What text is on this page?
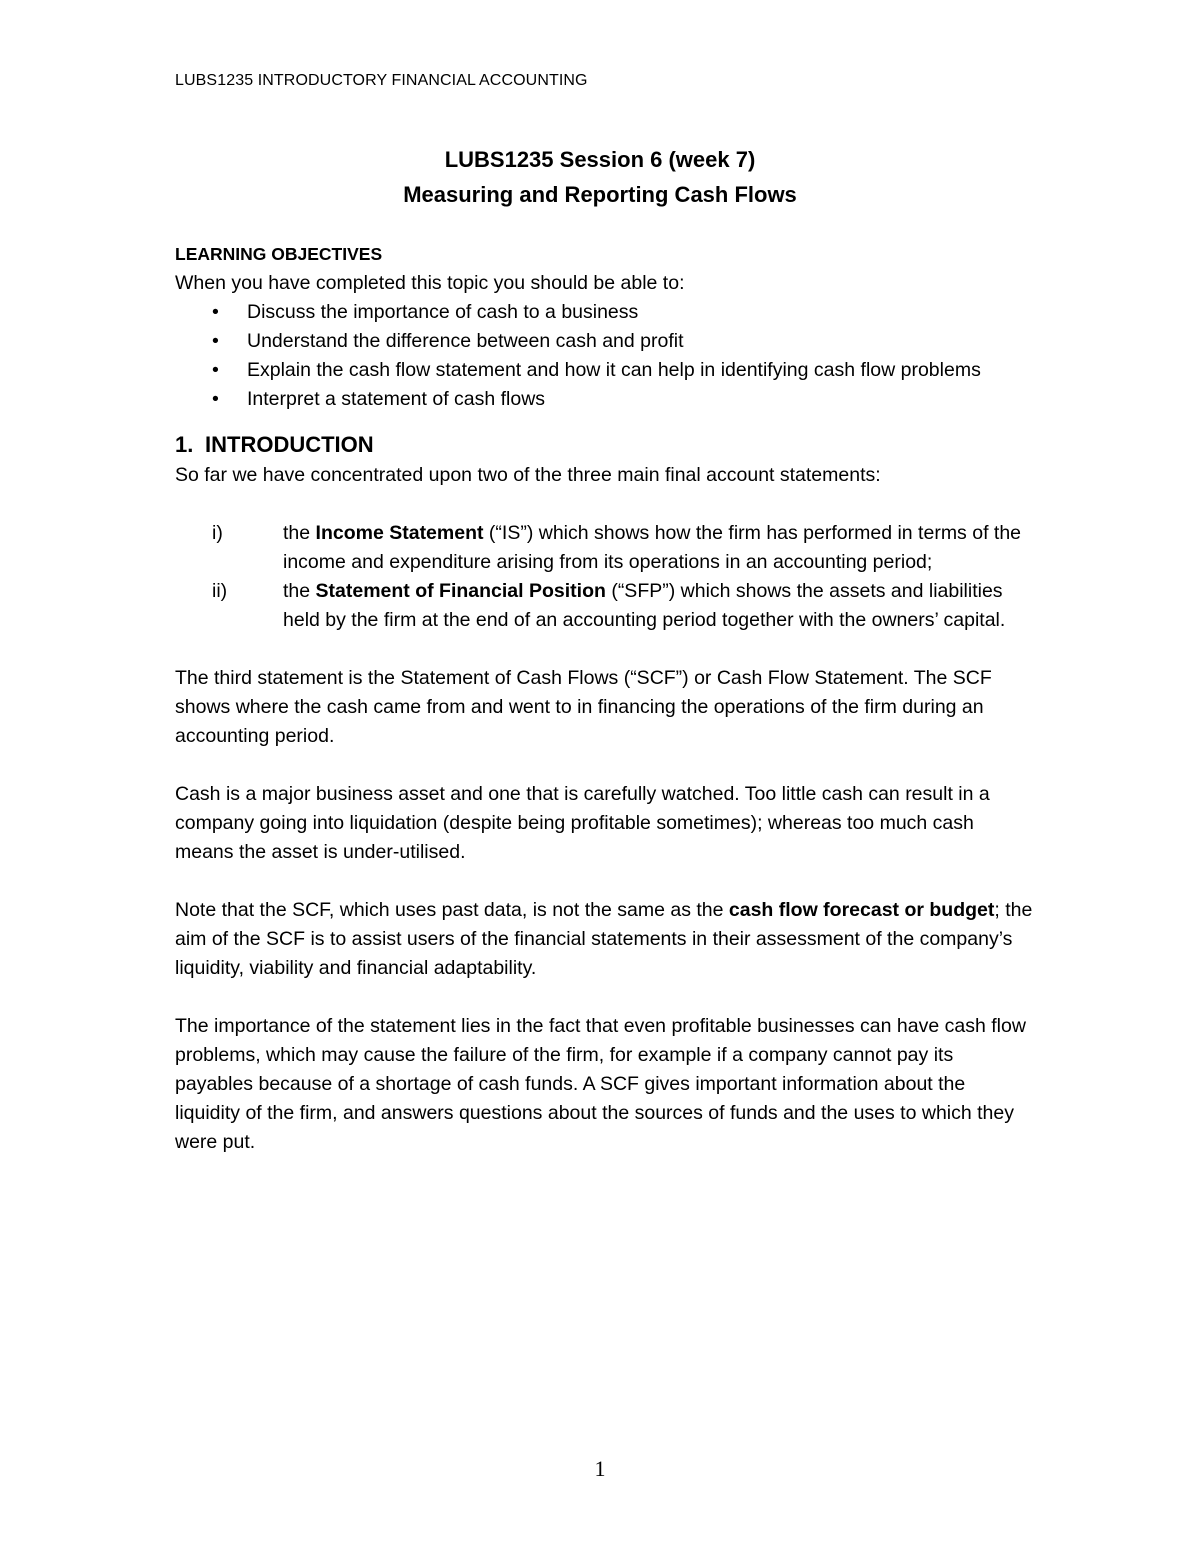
LUBS1235 INTRODUCTORY FINANCIAL ACCOUNTING
LUBS1235 Session 6 (week 7)
Measuring and Reporting Cash Flows

LEARNING OBJECTIVES

When you have completed this topic you should be able to:

• Discuss the importance of cash to a business
• Understand the difference between cash and profit
• Explain the cash flow statement and how it can help in identifying cash flow problems
• Interpret a statement of cash flows
1. INTRODUCTION

So far we have concentrated upon two of the three main final account statements:

i)	the Income Statement (“IS”) which shows how the firm has performed in terms of the income and expenditure arising from its operations in an accounting period;
ii)	the Statement of Financial Position (“SFP”) which shows the assets and liabilities held by the firm at the end of an accounting period together with the owners’ capital.

The third statement is the Statement of Cash Flows (“SCF”) or Cash Flow Statement. The SCF shows where the cash came from and went to in financing the operations of the firm during an accounting period.

Cash is a major business asset and one that is carefully watched. Too little cash can result in a company going into liquidation (despite being profitable sometimes); whereas too much cash means the asset is under-utilised.

Note that the SCF, which uses past data, is not the same as the cash flow forecast or budget; the aim of the SCF is to assist users of the financial statements in their assessment of the company’s liquidity, viability and financial adaptability.

The importance of the statement lies in the fact that even profitable businesses can have cash flow problems, which may cause the failure of the firm, for example if a company cannot pay its payables because of a shortage of cash funds. A SCF gives important information about the liquidity of the firm, and answers questions about the sources of funds and the uses to which they were put.

1
